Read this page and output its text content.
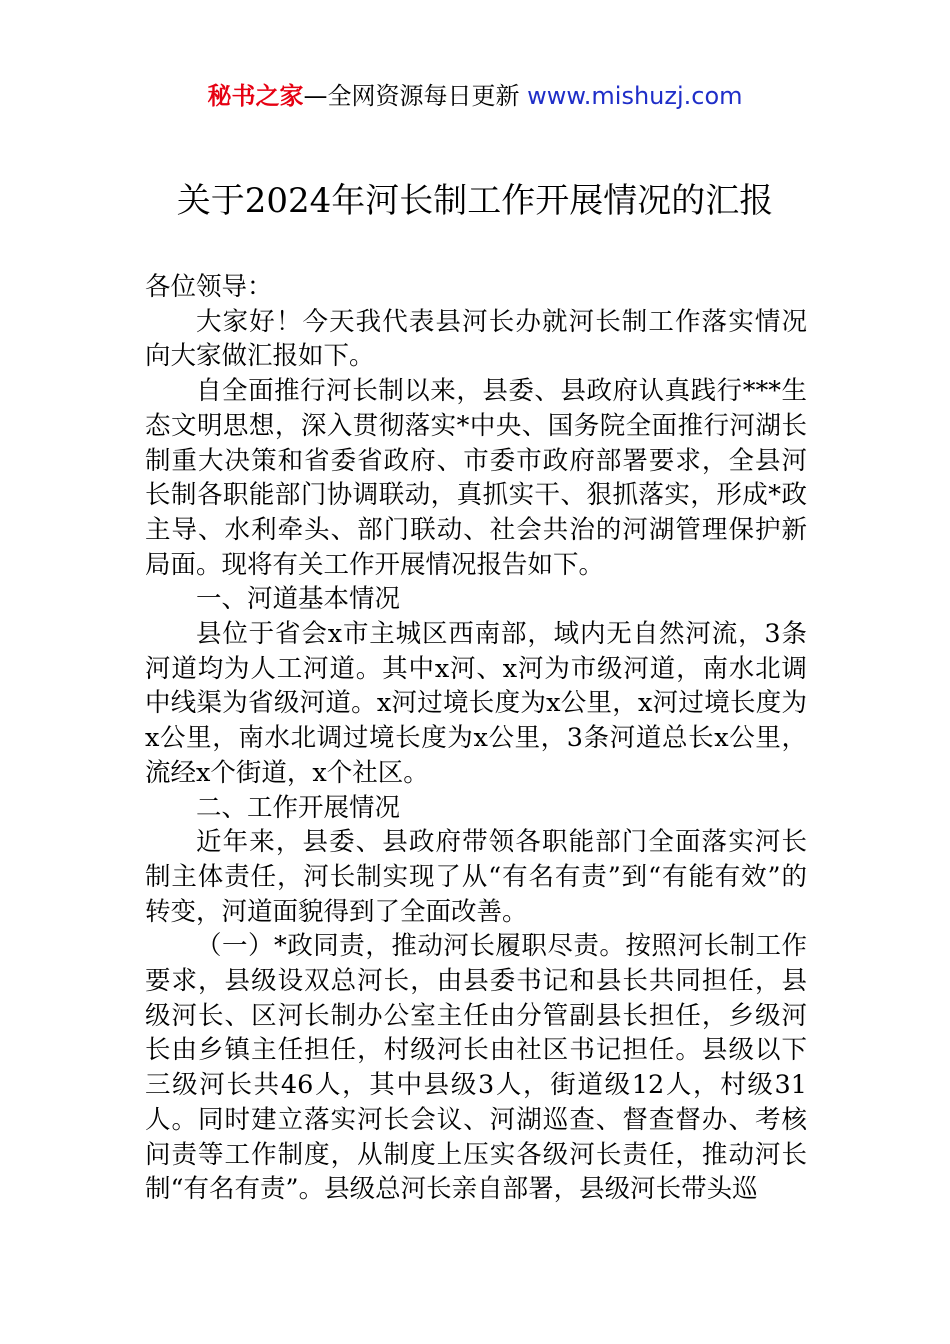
秘书之家—全网资源每日更新 www.mishuzj.com
关于2024年河长制工作开展情况的汇报

各位领导：

大家好！今天我代表县河长办就河长制工作落实情况向大家做汇报如下。

自全面推行河长制以来，县委、县政府认真践行***生态文明思想，深入贯彻落实*中央、国务院全面推行河湖长制重大决策和省委省政府、市委市政府部署要求，全县河长制各职能部门协调联动，真抓实干、狠抓落实，形成*政主导、水利牵头、部门联动、社会共治的河湖管理保护新局面。现将有关工作开展情况报告如下。

一、河道基本情况

县位于省会x市主城区西南部，域内无自然河流，3条河道均为人工河道。其中x河、x河为市级河道，南水北调中线渠为省级河道。x河过境长度为x公里，x河过境长度为x公里，南水北调过境长度为x公里，3条河道总长x公里，流经x个街道，x个社区。

二、工作开展情况

近年来，县委、县政府带领各职能部门全面落实河长制主体责任，河长制实现了从“有名有责”到“有能有效”的转变，河道面貌得到了全面改善。

（一）*政同责，推动河长履职尽责。按照河长制工作要求，县级设双总河长，由县委书记和县长共同担任，县级河长、区河长制办公室主任由分管副县长担任，乡级河长由乡镇主任担任，村级河长由社区书记担任。县级以下三级河长共46人，其中县级3人，街道级12人，村级31人。同时建立落实河长会议、河湖巡查、督查督办、考核问责等工作制度，从制度上压实各级河长责任，推动河长制“有名有责”。县级总河长亲自部署，县级河长带头巡
